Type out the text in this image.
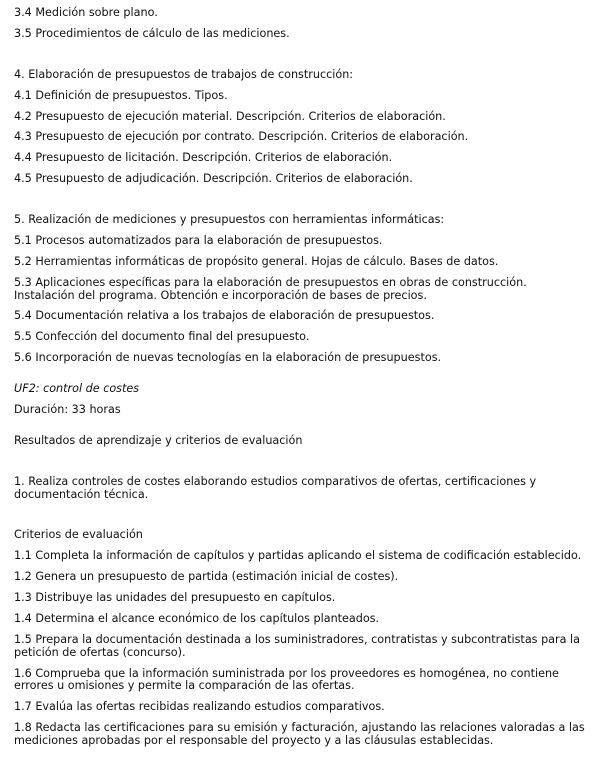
3.4 Medición sobre plano.

3.5 Procedimientos de cálculo de las mediciones.

4. Elaboración de presupuestos de trabajos de construcción:

4.1 Definición de presupuestos. Tipos.

4.2 Presupuesto de ejecución material. Descripción. Criterios de elaboración.

4.3 Presupuesto de ejecución por contrato. Descripción. Criterios de elaboración.

4.4 Presupuesto de licitación. Descripción. Criterios de elaboración.

4.5 Presupuesto de adjudicación. Descripción. Criterios de elaboración.

5. Realización de mediciones y presupuestos con herramientas informáticas:

5.1 Procesos automatizados para la elaboración de presupuestos.

5.2 Herramientas informáticas de propósito general. Hojas de cálculo. Bases de datos.

5.3 Aplicaciones específicas para la elaboración de presupuestos en obras de construcción. Instalación del programa. Obtención e incorporación de bases de precios.

5.4 Documentación relativa a los trabajos de elaboración de presupuestos.

5.5 Confección del documento final del presupuesto.

5.6 Incorporación de nuevas tecnologías en la elaboración de presupuestos.

UF2: control de costes

Duración: 33 horas

Resultados de aprendizaje y criterios de evaluación

1. Realiza controles de costes elaborando estudios comparativos de ofertas, certificaciones y documentación técnica.

Criterios de evaluación

1.1 Completa la información de capítulos y partidas aplicando el sistema de codificación establecido.

1.2 Genera un presupuesto de partida (estimación inicial de costes).

1.3 Distribuye las unidades del presupuesto en capítulos.

1.4 Determina el alcance económico de los capítulos planteados.

1.5 Prepara la documentación destinada a los suministradores, contratistas y subcontratistas para la petición de ofertas (concurso).

1.6 Comprueba que la información suministrada por los proveedores es homogénea, no contiene errores u omisiones y permite la comparación de las ofertas.

1.7 Evalúa las ofertas recibidas realizando estudios comparativos.

1.8 Redacta las certificaciones para su emisión y facturación, ajustando las relaciones valoradas a las mediciones aprobadas por el responsable del proyecto y a las cláusulas establecidas.
